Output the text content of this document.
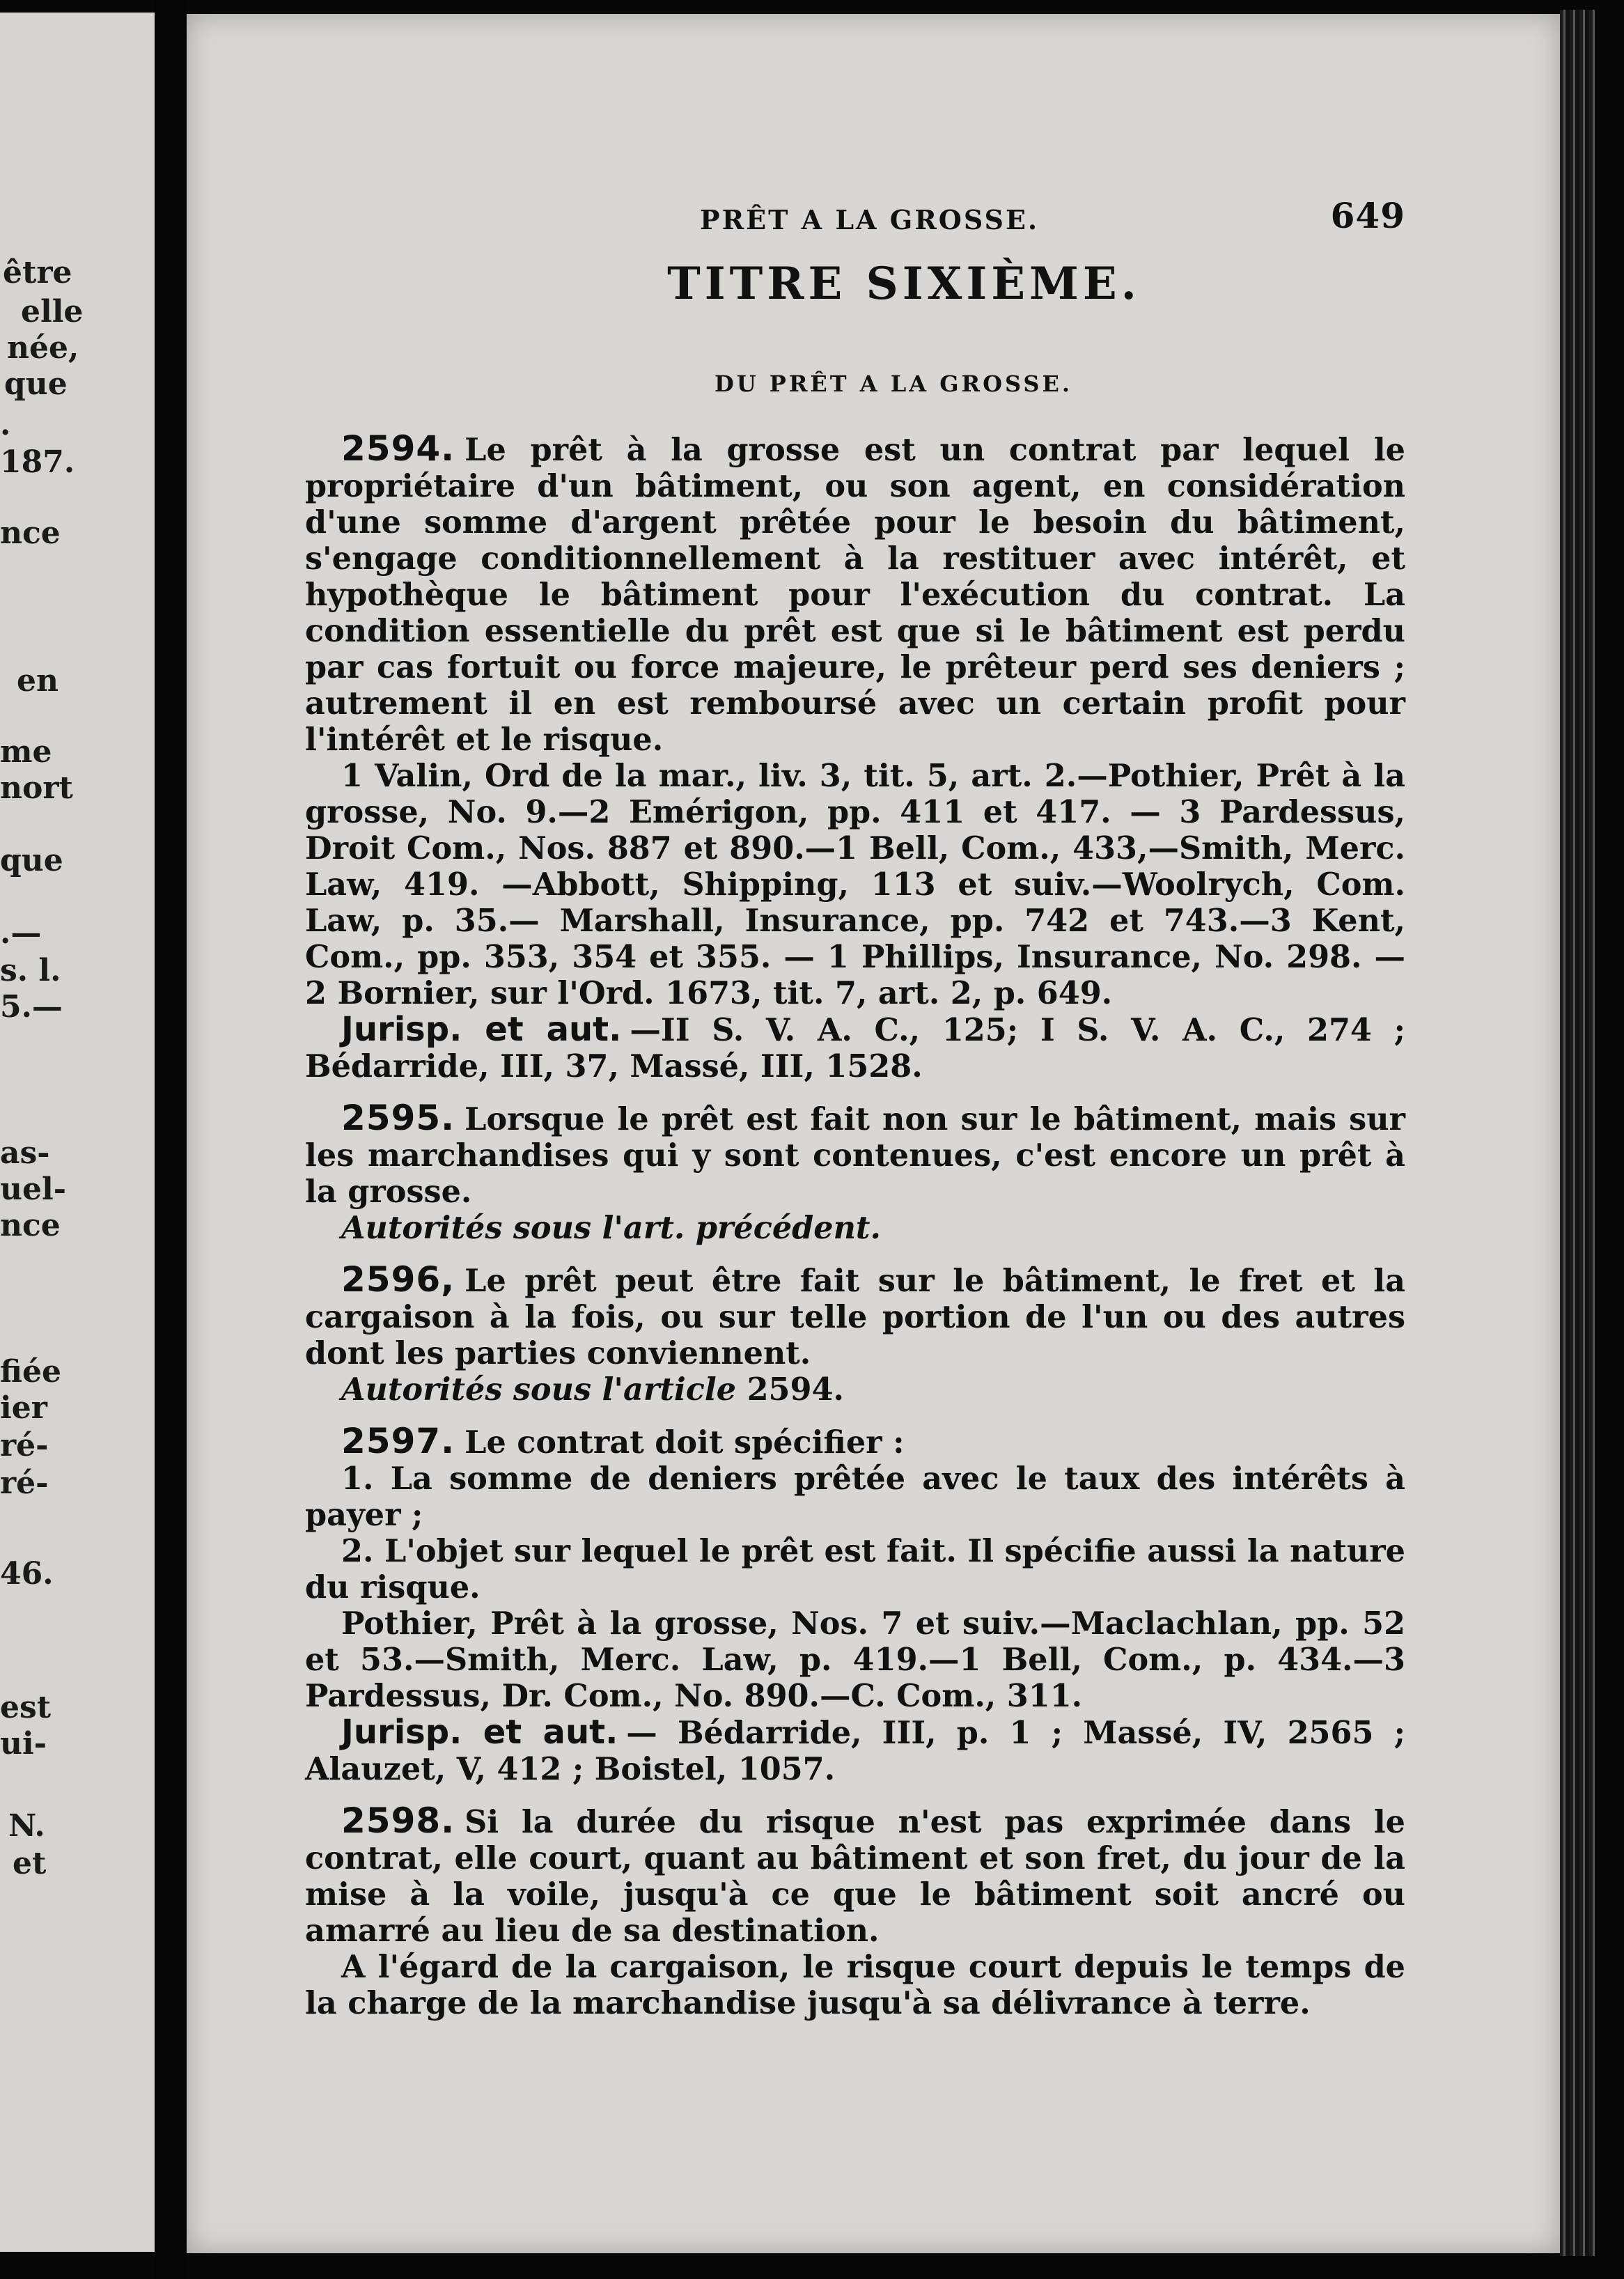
être
elle
née,
que
.
187.
nce
en
me
nort
que
.—
s. l.
5.—
as-
uel-
nce
fiée
ier
ré-
ré-
46.
est
ui-
N.
et
PRÊT A LA GROSSE.	649
TITRE SIXIÈME.
DU PRÊT A LA GROSSE.

2594. Le prêt à la grosse est un contrat par lequel le propriétaire d'un bâtiment, ou son agent, en considération d'une somme d'argent prêtée pour le besoin du bâtiment, s'engage conditionnellement à la restituer avec intérêt, et hypothèque le bâtiment pour l'exécution du contrat. La condition essentielle du prêt est que si le bâtiment est perdu par cas fortuit ou force majeure, le prêteur perd ses deniers ; autrement il en est remboursé avec un certain profit pour l'intérêt et le risque.

1 Valin, Ord de la mar., liv. 3, tit. 5, art. 2.—Pothier, Prêt à la grosse, No. 9.—2 Emérigon, pp. 411 et 417. — 3 Pardessus, Droit Com., Nos. 887 et 890.—1 Bell, Com., 433,—Smith, Merc. Law, 419. —Abbott, Shipping, 113 et suiv.—Woolrych, Com. Law, p. 35.— Marshall, Insurance, pp. 742 et 743.—3 Kent, Com., pp. 353, 354 et 355. — 1 Phillips, Insurance, No. 298. — 2 Bornier, sur l'Ord. 1673, tit. 7, art. 2, p. 649.

Jurisp. et aut. —II S. V. A. C., 125; I S. V. A. C., 274 ; Bédarride, III, 37, Massé, III, 1528.

2595. Lorsque le prêt est fait non sur le bâtiment, mais sur les marchandises qui y sont contenues, c'est encore un prêt à la grosse.

Autorités sous l'art. précédent.

2596, Le prêt peut être fait sur le bâtiment, le fret et la cargaison à la fois, ou sur telle portion de l'un ou des autres dont les parties conviennent.

Autorités sous l'article 2594.

2597. Le contrat doit spécifier :

1. La somme de deniers prêtée avec le taux des intérêts à payer ;

2. L'objet sur lequel le prêt est fait. Il spécifie aussi la nature du risque.

Pothier, Prêt à la grosse, Nos. 7 et suiv.—Maclachlan, pp. 52 et 53.—Smith, Merc. Law, p. 419.—1 Bell, Com., p. 434.—3 Pardessus, Dr. Com., No. 890.—C. Com., 311.

Jurisp. et aut. — Bédarride, III, p. 1 ; Massé, IV, 2565 ; Alauzet, V, 412 ; Boistel, 1057.

2598. Si la durée du risque n'est pas exprimée dans le contrat, elle court, quant au bâtiment et son fret, du jour de la mise à la voile, jusqu'à ce que le bâtiment soit ancré ou amarré au lieu de sa destination.

A l'égard de la cargaison, le risque court depuis le temps de la charge de la marchandise jusqu'à sa délivrance à terre.
